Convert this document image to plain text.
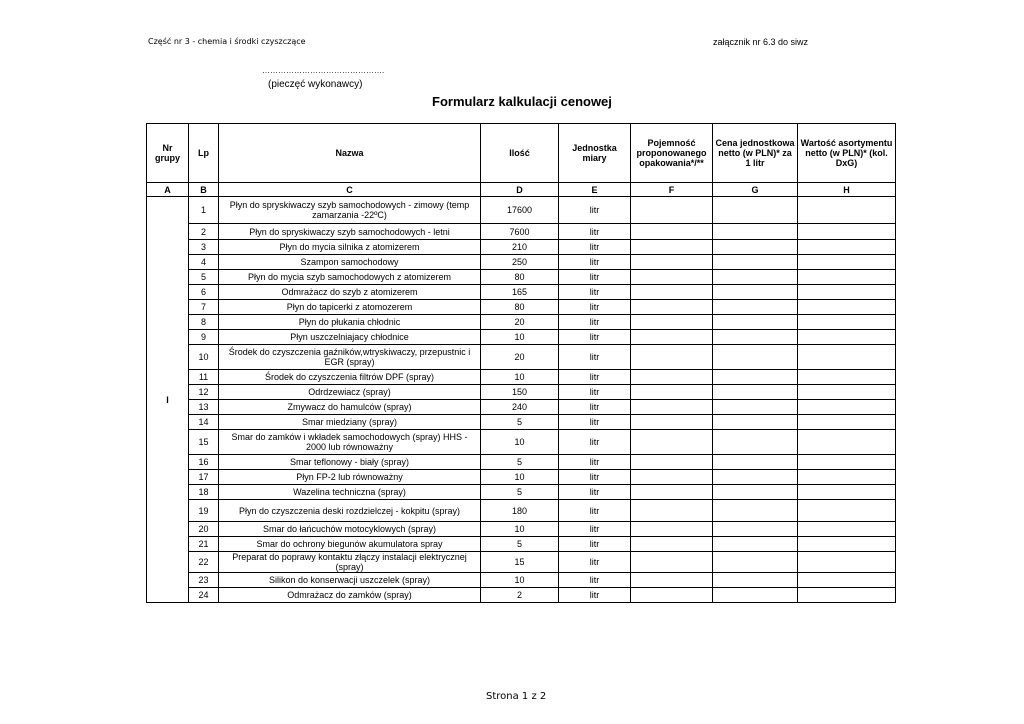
Część nr 3 - chemia i środki czyszczące	załącznik nr 6.3 do siwz
……………………………………….
(pieczęć wykonawcy)
Formularz kalkulacji cenowej
Nr grupy	Lp	Nazwa	Ilość	Jednostka miary	Pojemność proponowanego opakowania*/**	Cena jednostkowa netto (w PLN)* za 1 litr	Wartość asortymentu netto (w PLN)* (kol. DxG)
A	B	C	D	E	F	G	H
I	1	Płyn do spryskiwaczy szyb samochodowych - zimowy (temp zamarzania -22ºC)	17600	litr			
	2	Płyn do spryskiwaczy szyb samochodowych - letni	7600	litr			
	3	Płyn do mycia silnika z atomizerem	210	litr			
	4	Szampon samochodowy	250	litr			
	5	Płyn do mycia szyb samochodowych z atomizerem	80	litr			
	6	Odmrażacz do szyb z atomizerem	165	litr			
	7	Płyn do tapicerki z atomozerem	80	litr			
	8	Płyn do płukania chłodnic	20	litr			
	9	Płyn uszczelniajacy chłodnice	10	litr			
	10	Środek do czyszczenia gaźników,wtryskiwaczy, przepustnic i EGR (spray)	20	litr			
	11	Środek do czyszczenia filtrów DPF (spray)	10	litr			
	12	Odrdzewiacz (spray)	150	litr			
	13	Zmywacz do hamulców (spray)	240	litr			
	14	Smar miedziany (spray)	5	litr			
	15	Smar do zamków i wkładek samochodowych (spray) HHS - 2000 lub równoważny	10	litr			
	16	Smar teflonowy - biały (spray)	5	litr			
	17	Płyn FP-2 lub równoważny	10	litr			
	18	Wazelina techniczna (spray)	5	litr			
	19	Płyn do czyszczenia deski rozdzielczej - kokpitu (spray)	180	litr			
	20	Smar do łańcuchów motocyklowych (spray)	10	litr			
	21	Smar do ochrony biegunów akumulatora spray	5	litr			
	22	Preparat do poprawy kontaktu złączy instalacji elektrycznej (spray)	15	litr			
	23	Silikon do konserwacji uszczelek (spray)	10	litr			
	24	Odmrażacz do zamków (spray)	2	litr			
Strona 1 z 2
